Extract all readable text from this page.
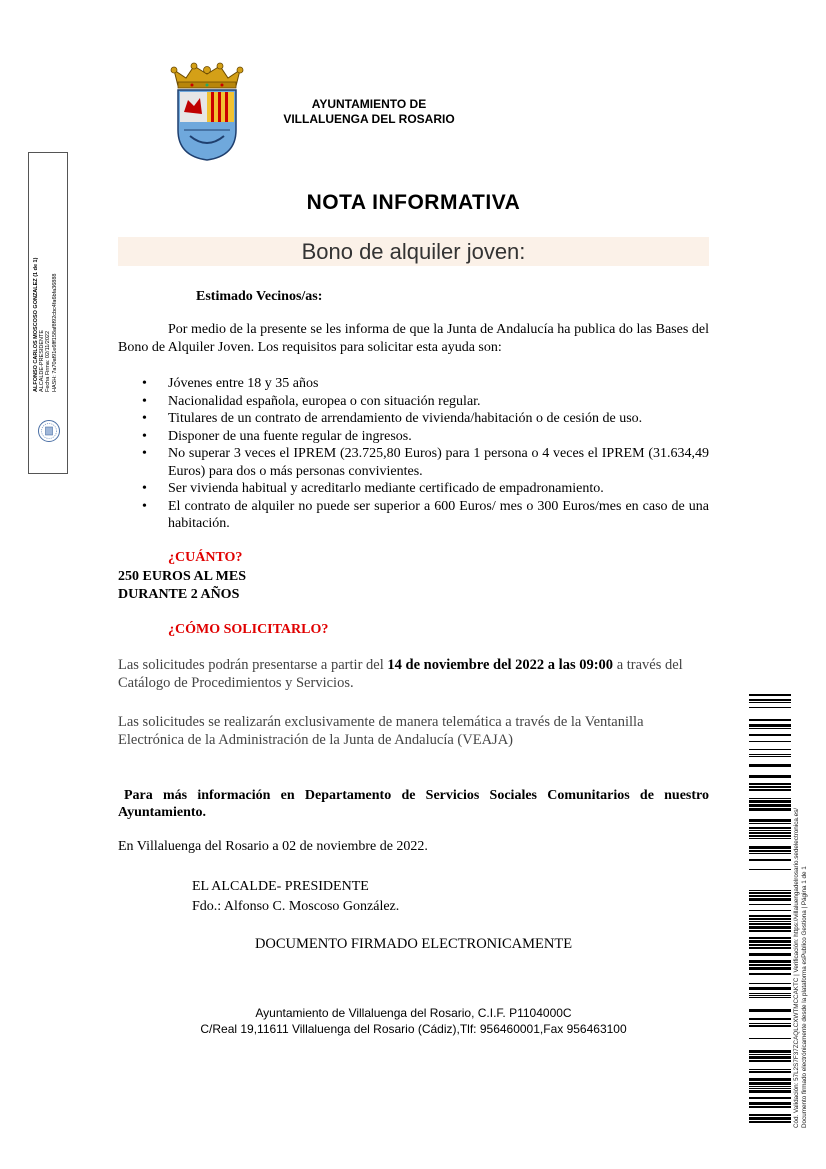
AYUNTAMIENTO DE
VILLALUENGA DEL ROSARIO
ALFONSO CARLOS MOSCOSO GONZALEZ (1 de 1) ALCALDE-PRESIDENTE Fecha Firma: 02/11/2022 HASH: 7a70af91e6fff158af8f92cbc4fa6bfa36888
NOTA INFORMATIVA
Bono de alquiler joven:
Estimado Vecinos/as:
Por medio de la presente se les informa de que la Junta de Andalucía ha publica do las Bases del Bono de Alquiler Joven. Los requisitos para solicitar esta ayuda son:
• Jóvenes entre 18 y 35 años
• Nacionalidad española, europea o con situación regular.
• Titulares de un contrato de arrendamiento de vivienda/habitación o de cesión de uso.
• Disponer de una fuente regular de ingresos.
• No superar 3 veces el IPREM (23.725,80 Euros) para 1 persona o 4 veces el IPREM (31.634,49 Euros) para dos o más personas convivientes.
• Ser vivienda habitual y acreditarlo mediante certificado de empadronamiento.
• El contrato de alquiler no puede ser superior a 600 Euros/ mes o 300 Euros/mes en caso de una habitación.
¿CUÁNTO?
250 EUROS AL MES
DURANTE 2 AÑOS
¿CÓMO SOLICITARLO?
Las solicitudes podrán presentarse a partir del 14 de noviembre del 2022 a las 09:00 a través del Catálogo de Procedimientos y Servicios.
Las solicitudes se realizarán exclusivamente de manera telemática a través de la Ventanilla Electrónica de la Administración de la Junta de Andalucía (VEAJA)
Para más información en Departamento de Servicios Sociales Comunitarios de nuestro Ayuntamiento.
En Villaluenga del Rosario a 02 de noviembre de 2022.
EL ALCALDE- PRESIDENTE
Fdo.: Alfonso C. Moscoso González.
DOCUMENTO FIRMADO ELECTRONICAMENTE
Ayuntamiento de Villaluenga del Rosario, C.I.F. P1104000C
C/Real 19,11611 Villaluenga del Rosario (Cádiz),Tlf: 956460001,Fax 956463100	Cód. Validación: 57L2S7F37ZCAQLCXWTMCCAKTC | Verificación: https://villaluengadelrosario.sedelectronica.es/ Documento firmado electrónicamente desde la plataforma esPublico Gestiona | Página 1 de 1
